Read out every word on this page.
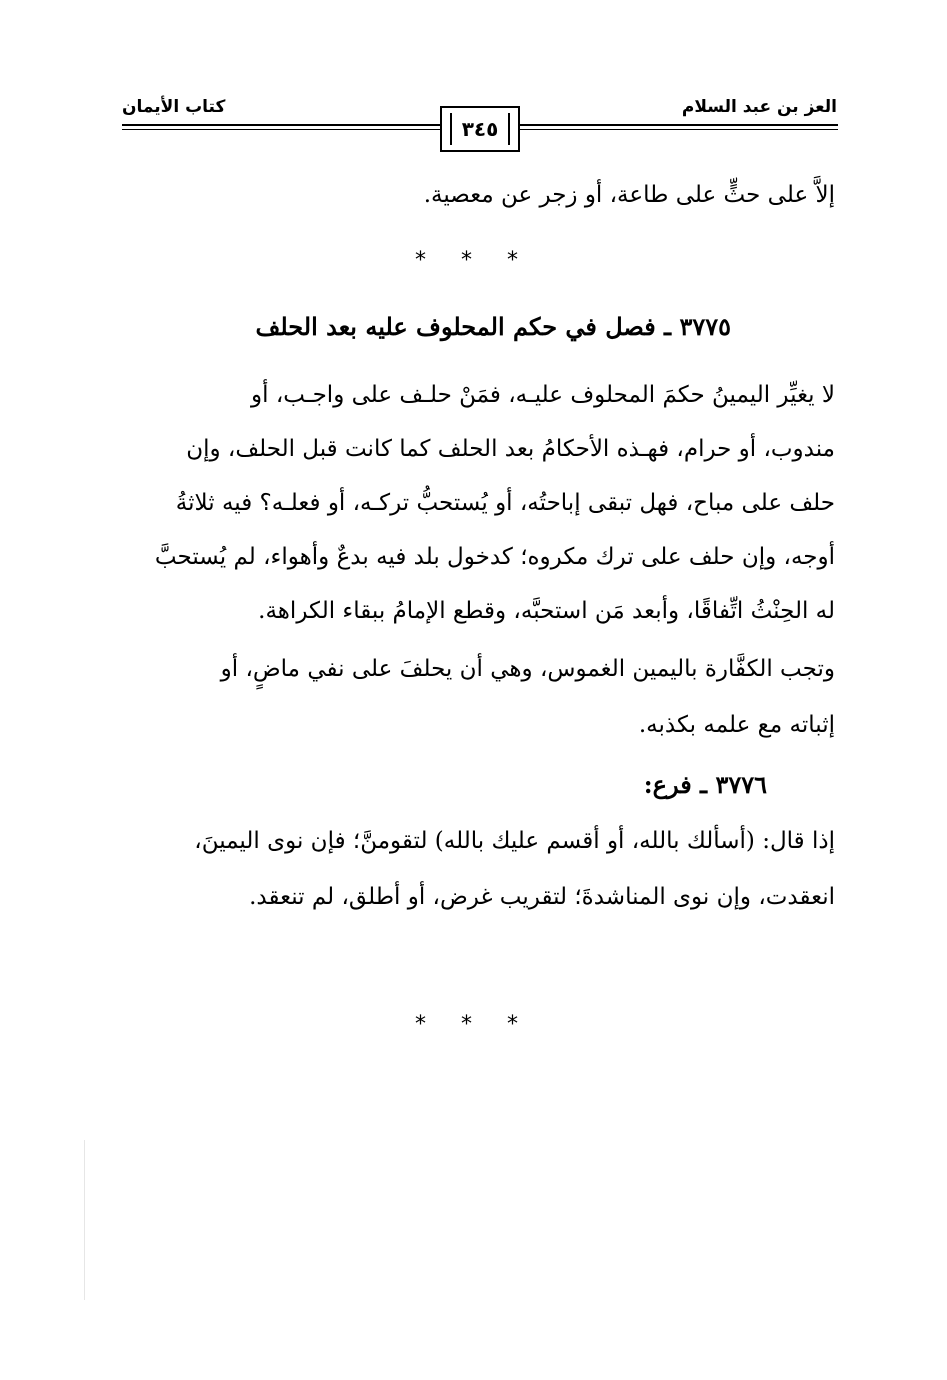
العز بن عبد السلام
كتاب الأيمان
٣٤٥
إلاَّ على حثٍّ على طاعة، أو زجر عن معصية.
* * *
٣٧٧٥ ـ فصل في حكم المحلوف عليه بعد الحلف
لا يغيِّر اليمينُ حكمَ المحلوف عليـه، فمَنْ حلـف على واجـب، أو
مندوب، أو حرام، فهـذه الأحكامُ بعد الحلف كما كانت قبل الحلف، وإن
حلف على مباح، فهل تبقى إباحتُه، أو يُستحبُّ تركـه، أو فعلـه؟ فيه ثلاثةُ
أوجه، وإن حلف على ترك مكروه؛ كدخول بلد فيه بدعٌ وأهواء، لم يُستحبَّ
له الحِنْثُ اتِّفاقًا، وأبعد مَن استحبَّه، وقطع الإمامُ ببقاء الكراهة.
وتجب الكفَّارة باليمين الغموس، وهي أن يحلفَ على نفي ماضٍ، أو
إثباته مع علمه بكذبه.
٣٧٧٦ ـ فرع:
إذا قال: (أسألك بالله، أو أقسم عليك بالله) لتقومنَّ؛ فإن نوى اليمينَ،
انعقدت، وإن نوى المناشدةَ؛ لتقريب غرض، أو أطلق، لم تنعقد.
* * *
